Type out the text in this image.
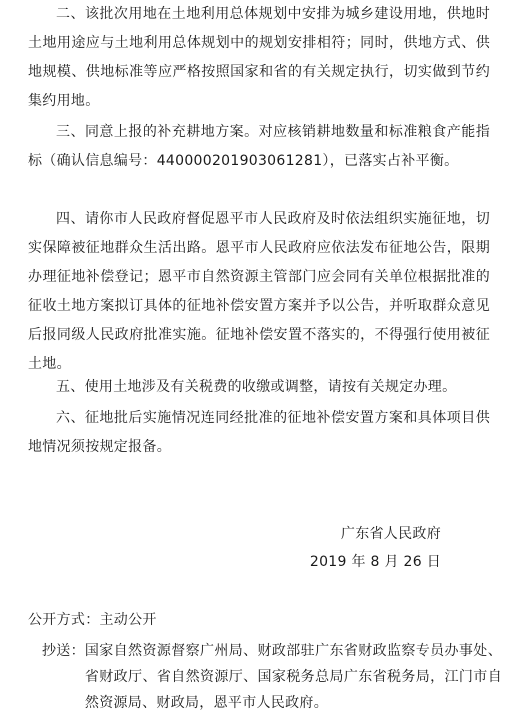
二、该批次用地在土地利用总体规划中安排为城乡建设用地，供地时土地用途应与土地利用总体规划中的规划安排相符；同时，供地方式、供地规模、供地标准等应严格按照国家和省的有关规定执行，切实做到节约集约用地。

三、同意上报的补充耕地方案。对应核销耕地数量和标准粮食产能指标（确认信息编号：440000201903061281），已落实占补平衡。

四、请你市人民政府督促恩平市人民政府及时依法组织实施征地，切实保障被征地群众生活出路。恩平市人民政府应依法发布征地公告，限期办理征地补偿登记；恩平市自然资源主管部门应会同有关单位根据批准的征收土地方案拟订具体的征地补偿安置方案并予以公告，并听取群众意见后报同级人民政府批准实施。征地补偿安置不落实的，不得强行使用被征土地。

五、使用土地涉及有关税费的收缴或调整，请按有关规定办理。

六、征地批后实施情况连同经批准的征地补偿安置方案和具体项目供地情况须按规定报备。

广东省人民政府
2019 年 8 月 26 日
公开方式：主动公开
抄送： 国家自然资源督察广州局、财政部驻广东省财政监察专员办事处、省财政厅、省自然资源厅、国家税务总局广东省税务局，江门市自然资源局、财政局，恩平市人民政府。
